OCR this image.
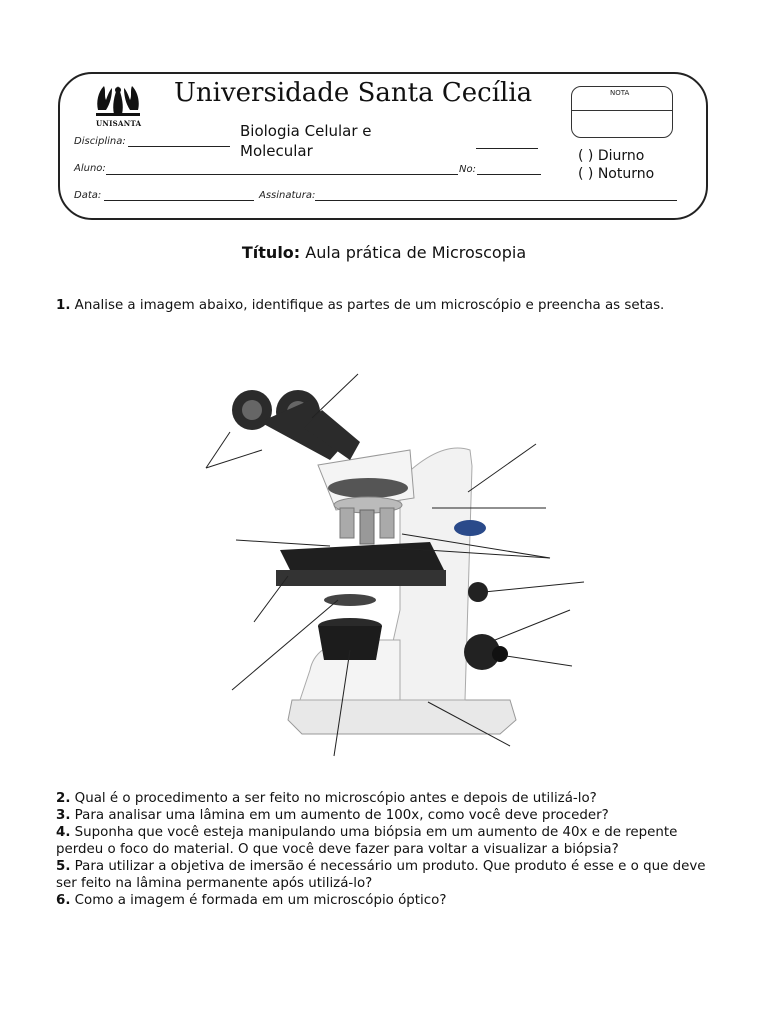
UNISANTA
Universidade Santa Cecília
Disciplina:
Biologia Celular e Molecular
Aluno:	No:
Data:	Assinatura:
NOTA
( ) Diurno
( ) Noturno
Título: Aula prática de Microscopia
1. Analise a imagem abaixo, identifique as partes de um microscópio e preencha as setas.
2. Qual é o procedimento a ser feito no microscópio antes e depois de utilizá-lo?
3. Para analisar uma lâmina em um aumento de 100x, como você deve proceder?
4. Suponha que você esteja manipulando uma biópsia em um aumento de 40x e de repente perdeu o foco do material. O que você deve fazer para voltar a visualizar a biópsia?
5. Para utilizar a objetiva de imersão é necessário um produto. Que produto é esse e o que deve ser feito na lâmina permanente após utilizá-lo?
6. Como a imagem é formada em um microscópio óptico?
